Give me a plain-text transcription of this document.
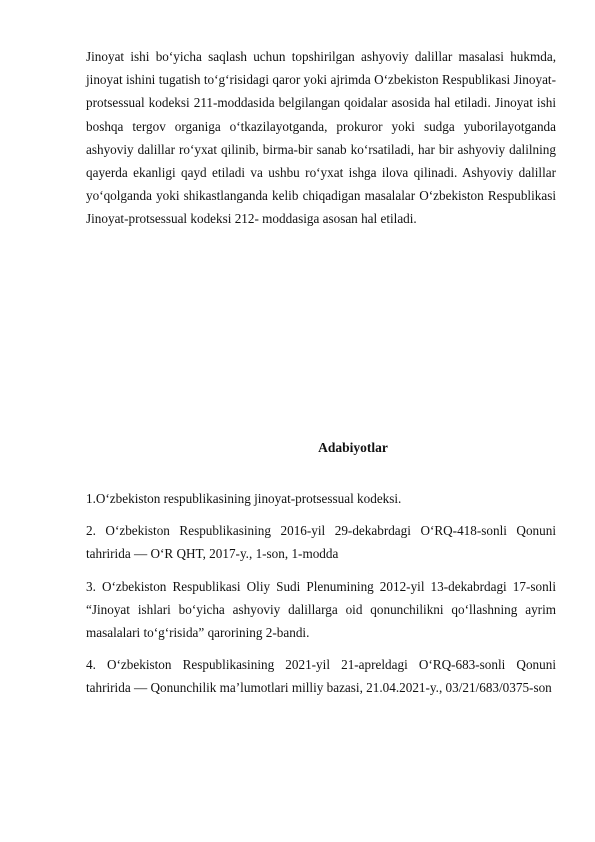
Jinoyat ishi bo‘yicha saqlash uchun topshirilgan ashyoviy dalillar masalasi hukmda, jinoyat ishini tugatish to‘g‘risidagi qaror yoki ajrimda O‘zbekiston Respublikasi Jinoyat-protsessual kodeksi 211-moddasida belgilangan qoidalar asosida hal etiladi. Jinoyat ishi boshqa tergov organiga o‘tkazilayotganda, prokuror yoki sudga yuborilayotganda ashyoviy dalillar ro‘yxat qilinib, birma-bir sanab ko‘rsatiladi, har bir ashyoviy dalilning qayerda ekanligi qayd etiladi va ushbu ro‘yxat ishga ilova qilinadi. Ashyoviy dalillar yo‘qolganda yoki shikastlanganda kelib chiqadigan masalalar O‘zbekiston Respublikasi Jinoyat-protsessual kodeksi 212- moddasiga asosan hal etiladi.

Adabiyotlar
1.O‘zbekiston respublikasining jinoyat-protsessual kodeksi.
2. O‘zbekiston Respublikasining 2016-yil 29-dekabrdagi O‘RQ-418-sonli Qonuni tahririda — O‘R QHT, 2017-y., 1-son, 1-modda
3. O‘zbekiston Respublikasi Oliy Sudi Plenumining 2012-yil 13-dekabrdagi 17-sonli “Jinoyat ishlari bo‘yicha ashyoviy dalillarga oid qonunchilikni qo‘llashning ayrim masalalari to‘g‘risida” qarorining 2-bandi.
4. O‘zbekiston Respublikasining 2021-yil 21-apreldagi O‘RQ-683-sonli Qonuni tahririda — Qonunchilik ma’lumotlari milliy bazasi, 21.04.2021-y., 03/21/683/0375-son
